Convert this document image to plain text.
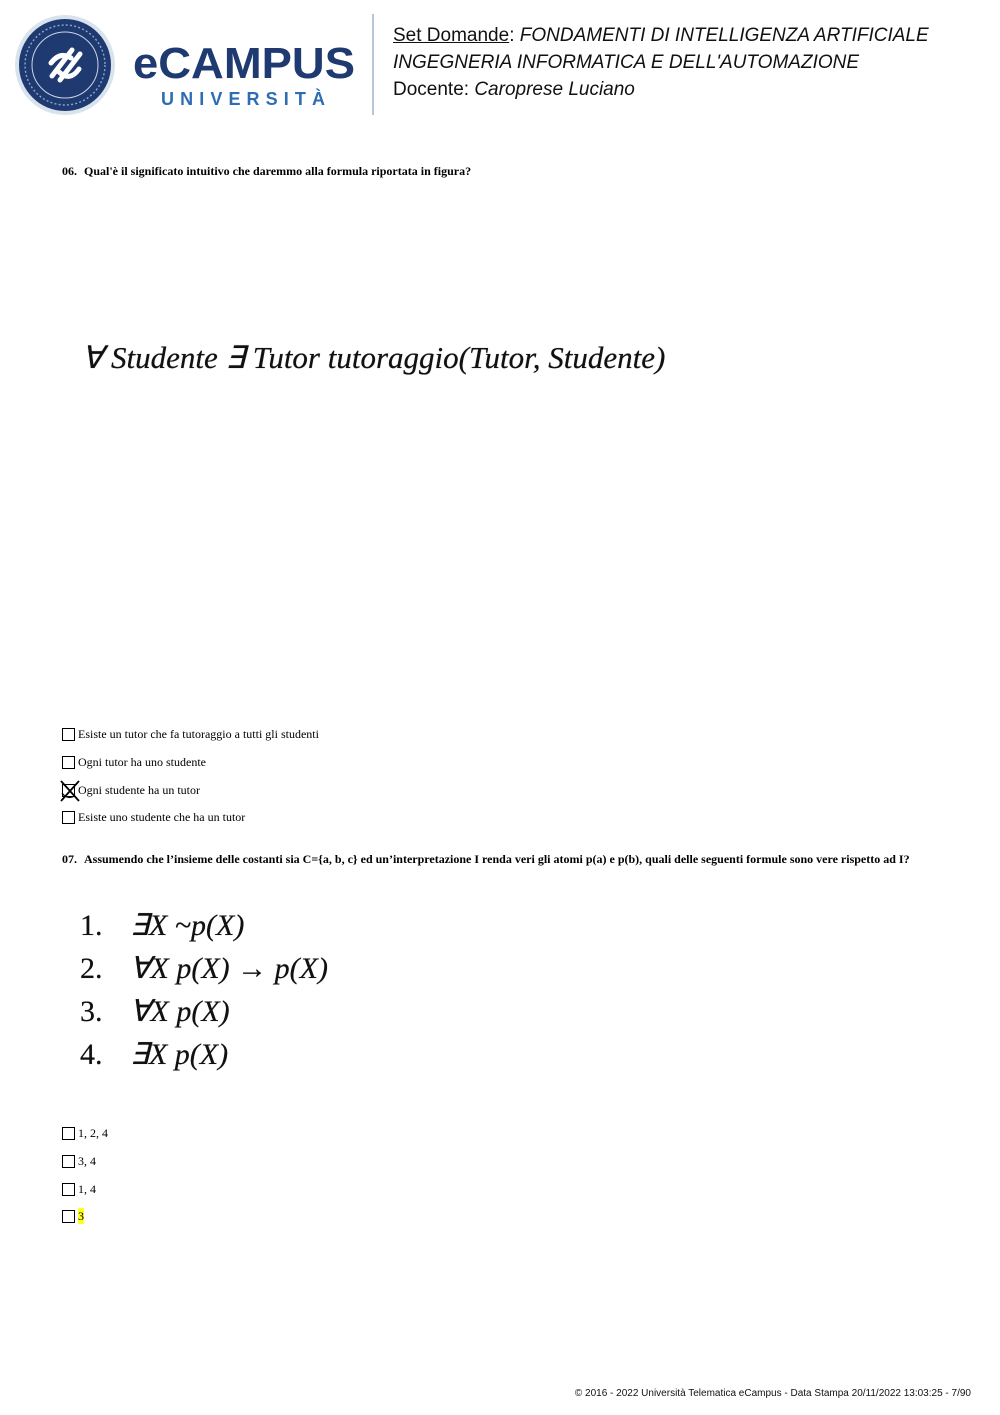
eCAMPUS
UNIVERSITÀ
Set Domande: FONDAMENTI DI INTELLIGENZA ARTIFICIALE
INGEGNERIA INFORMATICA E DELL'AUTOMAZIONE
Docente: Caroprese Luciano
06. Qual'è il significato intuitivo che daremmo alla formula riportata in figura?
∀ Studente ∃ Tutor tutoraggio(Tutor, Studente)
Esiste un tutor che fa tutoraggio a tutti gli studenti
Ogni tutor ha uno studente
Ogni studente ha un tutor
Esiste uno studente che ha un tutor
07. Assumendo che l’insieme delle costanti sia C={a, b, c} ed un’interpretazione I renda veri gli atomi p(a) e p(b), quali delle seguenti formule sono vere rispetto ad I?
1. ∃X ~p(X)
2. ∀X p(X) → p(X)
3. ∀X p(X)
4. ∃X p(X)
1, 2, 4
3, 4
1, 4
3
© 2016 - 2022 Università Telematica eCampus - Data Stampa 20/11/2022 13:03:25 - 7/90
